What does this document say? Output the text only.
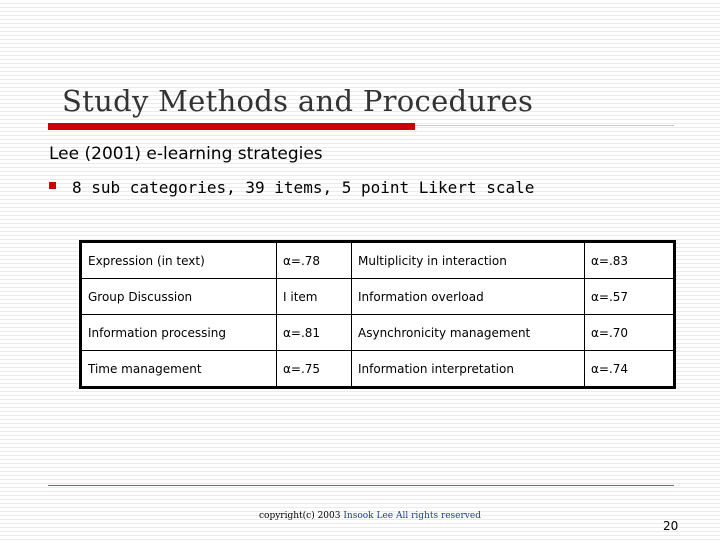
Study Methods and Procedures
Lee (2001) e-learning strategies
8 sub categories, 39 items, 5 point Likert scale
Expression (in text)	α=.78	Multiplicity in interaction	α=.83
Group Discussion	I item	Information overload	α=.57
Information processing	α=.81	Asynchronicity management	α=.70
Time management	α=.75	Information interpretation	α=.74
copyright(c) 2003 Insook Lee All rights reserved
20
